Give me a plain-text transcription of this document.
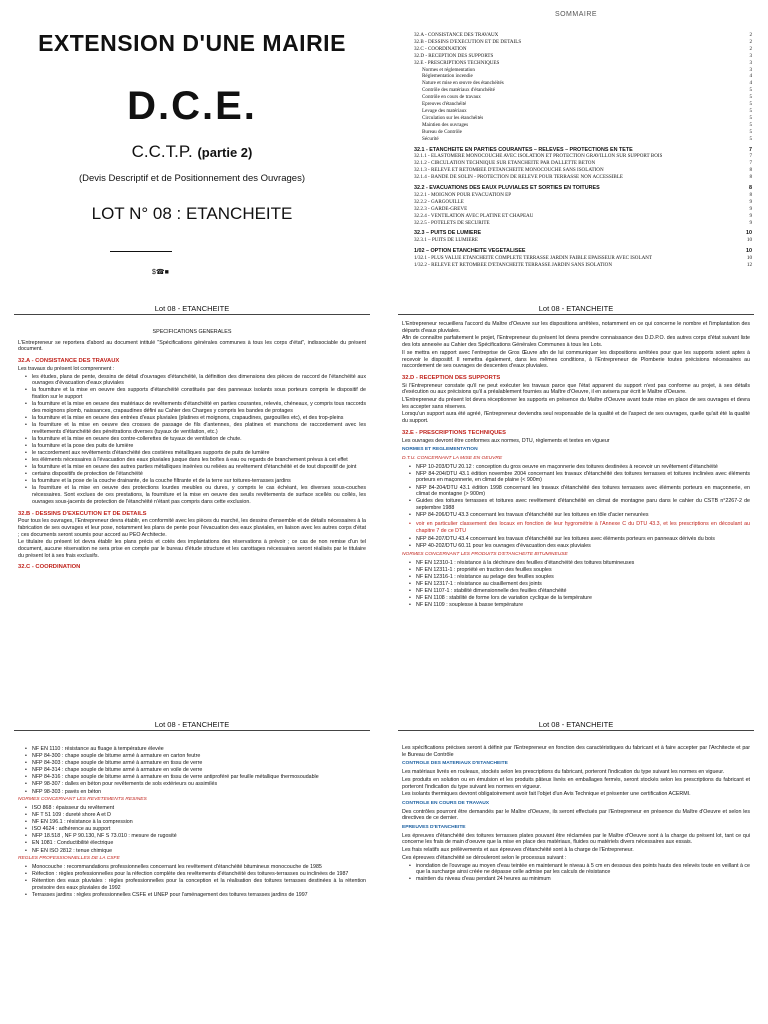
EXTENSION D'UNE MAIRIE
D.C.E.
C.C.T.P. (partie 2)
(Devis Descriptif et de Positionnement des Ouvrages)
LOT N° 08 : ETANCHEITE
$☎■
SOMMAIRE
32.A - CONSISTANCE DES TRAVAUX	2
32.B - DESSINS D'EXECUTION ET DE DETAILS	2
32.C - COORDINATION	2
32.D - RECEPTION DES SUPPORTS	3
32.E - PRESCRIPTIONS TECHNIQUES	3
Normes et réglementation	3
Réglementation incendie	4
Nature et mise en œuvre des étanchéités	4
Contrôle des matériaux d'étanchéité	5
Contrôle en cours de travaux	5
Epreuves d'étanchéité	5
Levage des matériaux	5
Circulation sur les étanchéités	5
Maintien des ouvrages	5
Bureau de Contrôle	5
Sécurité	5
32.1 - ETANCHEITE EN PARTIES COURANTES – RELEVES – PROTECTIONS EN TETE	7
32.1.1 - ELASTOMERE MONOCOUCHE AVEC ISOLATION ET PROTECTION GRAVILLON SUR SUPPORT BOIS	7
32.1.2 - CIRCULATION TECHNIQUE SUR ETANCHEITE PAR DALLETTE BETON	7
32.1.3 - RELEVE ET RETOMBEE D'ETANCHEITE MONOCOUCHE SANS ISOLATION	8
32.1.4 - BANDE DE SOLIN - PROTECTION DE RELEVE POUR TERRASSE NON ACCESSIBLE	8
32.2 - EVACUATIONS DES EAUX PLUVIALES ET SORTIES EN TOITURES	8
32.2.1 - MOIGNON POUR EVACUATION EP	8
32.2.2 - GARGOUILLE	9
32.2.3 - GARDE-GREVE	9
32.2.4 - VENTILATION AVEC PLATINE ET CHAPEAU	9
32.2.5 - POTELETS DE SECURITE	9
32.3 – PUITS DE LUMIERE	10
32.3.1 – PUITS DE LUMIERE	10
1/02 – OPTION ETANCHEITE VEGETALISEE	10
1/32.1 - PLUS VALUE ETANCHEITE COMPLETE TERRASSE JARDIN FAIBLE EPAISSEUR AVEC ISOLANT	10
1/32.2 - RELEVE ET RETOMBEE D'ETANCHEITE TERRASSE JARDIN SANS ISOLATION	12
Lot 08 - ETANCHEITE
SPECIFICATIONS GENERALES

L'Entrepreneur se reportera d'abord au document intitulé "Spécifications générales communes à tous les corps d'état", indissociable du présent document.

32.A - CONSISTANCE DES TRAVAUX

Les travaux du présent lot comprennent :

• les études, plans de pente, dessins de détail d'ouvrages d'étanchéité, la définition des dimensions des pièces de raccord de l'étanchéité aux ouvrages d'évacuation d'eaux pluviales
• la fourniture et la mise en oeuvre des supports d'étanchéité constitués par des panneaux isolants sous porteurs compris le dispositif de fixation sur le support
• la fourniture et la mise en oeuvre des matériaux de revêtements d'étanchéité en parties courantes, relevés, chéneaux, y compris tous raccords des moignons plomb, naissances, crapaudines défini au Cahier des Charges y compris les bandes de protages
• la fourniture et la mise en oeuvre des entrées d'eaux pluviales (platines et moignons, crapaudines, gargouilles etc), et des trop-pleins
• la fourniture et la mise en oeuvre des crosses de passage de fils d'antennes, des platines et manchons de raccordement avec les revêtements d'étanchéité des pénétrations diverses (tuyaux de ventilation, etc.)
• la fourniture et la mise en oeuvre des contre-collerettes de tuyaux de ventilation de chute.
• la fourniture et la pose des puits de lumière
• le raccordement aux revêtements d'étanchéité des costières métalliques supports de puits de lumière
• les éléments nécessaires à l'évacuation des eaux pluviales jusque dans les boîtes à eau ou regards de branchement prévus à cet effet
• la fourniture et la mise en oeuvre des autres parties métalliques insérées ou reliées au revêtement d'étanchéité et de tout dispositif de joint
• certains dispositifs de protection de l'étanchéité
• la fourniture et la pose de la couche drainante, de la couche filtrante et de la terre sur toitures-terrasses jardins
• la fourniture et la mise en oeuvre des protections lourdes meubles ou dures, y compris le cas échéant, les diverses sous-couches nécessaires. Sont exclues de ces prestations, la fourniture et la mise en oeuvre des seuils revêtements de surface scellés ou collés, les ouvrages sous-jacents de protection de l'étanchéité n'étant pas compris dans cette exclusion.
32.B - DESSINS D'EXECUTION ET DE DETAILS

Pour tous les ouvrages, l'Entrepreneur devra établir, en conformité avec les pièces du marché, les dessins d'ensemble et de détails nécessaires à la fabrication de ses ouvrages et leur pose, notamment les plans de pente pour l'évacuation des eaux pluviales, en liaison avec les autres corps d'état ; ces documents seront soumis pour accord au PEO Architecte.

Le titulaire du présent lot devra établir les plans précis et cotés des implantations des réservations à prévoir ; ce cas de non remise d'un tel document, aucune réservation ne sera prise en compte par le bureau d'étude structure et les carottages nécessaires seront réalisés par le titulaire du présent lot à ses frais exclusifs.

32.C - COORDINATION
Lot 08 - ETANCHEITE

L'Entrepreneur recueillera l'accord du Maître d'Oeuvre sur les dispositions arrêtées, notamment en ce qui concerne le nombre et l'implantation des départs d'eaux pluviales.

Afin de connaître parfaitement le projet, l'Entrepreneur du présent lot devra prendre connaissance des D.D.P.O. des autres corps d'état suivant liste des lots annexée au Cahier des Spécifications Générales Communes à tous les Lots.

Il se mettra en rapport avec l'entreprise de Gros Œuvre afin de lui communiquer les dispositions arrêtées pour que les supports soient aptes à recevoir le dispositif. Il remettra également, dans les mêmes conditions, à l'Entrepreneur de Plomberie toutes précisions nécessaires au raccordement de ses ouvrages de descentes d'eaux pluviales.

32.D - RECEPTION DES SUPPORTS

Si l'Entrepreneur constate qu'il ne peut exécuter les travaux parce que l'état apparent du support n'est pas conforme au projet, à ses détails d'exécution ou aux précisions qu'il a préalablement fournies au Maître d'Oeuvre, il en avisera par écrit le Maître d'Oeuvre.

L'Entrepreneur du présent lot devra réceptionner les supports en présence du Maître d'Oeuvre avant toute mise en place de ses ouvrages et devra les accepter sans réserves.

Lorsqu'un support aura été agréé, l'Entrepreneur deviendra seul responsable de la qualité et de l'aspect de ses ouvrages, quelle qu'ait été la qualité du support.

32.E - PRESCRIPTIONS TECHNIQUES

Les ouvrages devront être conformes aux normes, DTU, règlements et textes en vigueur

NORMES ET REGLEMENTATION
D.T.U. CONCERNANT LA MISE EN OEUVRE
• NFP 10-203/DTU 20.12 : conception du gros oeuvre en maçonnerie des toitures destinées à recevoir un revêtement d'étanchéité
• NFP 84-204/DTU 43.1 édition novembre 2004 concernant les travaux d'étanchéité des toitures terrasses et toitures inclinées avec éléments porteurs en maçonnerie, en climat de plaine (< 900m)
• NFP 84-204/DTU 43.1 édition 1998 concernant les travaux d'étanchéité des toitures terrasses avec éléments porteurs en maçonnerie, en climat de montagne (> 900m)
• Guides des toitures terrasses et toitures avec revêtement d'étanchéité en climat de montagne paru dans le cahier du CSTB n°2267-2 de septembre 1988
• NFP 84-206/DTU 43.3 concernant les travaux d'étanchéité sur les toitures en tôle d'acier nervurées
• voir en particulier classement des locaux en fonction de leur hygrométrie à l'Annexe C du DTU 43.3, et les prescriptions en découlant au chapitre 7 de ce DTU
• NFP 84-207/DTU 43.4 concernant les travaux d'étanchéité sur les toitures avec éléments porteurs en panneaux dérivés du bois
• NFP 40-202/DTU 60.11 pour les ouvrages d'évacuation des eaux pluviales
NORMES CONCERNANT LES PRODUITS D'ETANCHEITE BITUMINEUSE
• NF EN 12310-1 : résistance à la déchirure des feuilles d'étanchéité des toitures bitumineuses
• NF EN 12311-1 : propriété en traction des feuilles souples
• NF EN 12316-1 : résistance au pelage des feuilles souples
• NF EN 12317-1 : résistance au cisaillement des joints
• NF EN 1107-1 : stabilité dimensionnelle des feuilles d'étanchéité
• NF EN 1108 : stabilité de forme lors de variation cyclique de la température
• NF EN 1109 : souplesse à basse température
Lot 08 - ETANCHEITE
• NF EN 1110 : résistance au fluage à température élevée
• NFP 84-300 : chape souple de bitume armé à armature en carton feutre
• NFP 84-303 : chape souple de bitume armé à armature en tissu de verre
• NFP 84-314 : chape souple de bitume armé à armature en voile de verre
• NFP 84-316 : chape souple de bitume armé à armature en tissu de verre antiproféré par feuille métallique thermosoudable
• NFP 98-307 : dalles en béton pour revêtements de sols extérieurs ou assimilés
• NFP 98-303 : pavés en béton
NORMES CONCERNANT LES REVETEMENTS RESINES
• ISO 868 : épaisseur du revêtement
• NF T 51 109 : dureté shore A et D
• NF EN 196.1 : résistance à la compression
• ISO 4624 : adhérence au support
• NFP 18.518 , NF P 90.130, NF S 73.010 : mesure de rugosité
• EN 1081 : Conductibilité électrique
• NF EN ISO 2812 : tenue chimique
REGLES PROFESSIONNELLES DE LA CSFE
• Monocouche : recommandations professionnelles concernant les revêtement d'étanchéité bitumineux monocouche de 1985
• Réfection : règles professionnelles pour la réfection complète des revêtements d'étanchéité des toitures-terrasses ou inclinées de 1987
• Rétention des eaux pluviales : règles professionnelles pour la conception et la réalisation des toitures terrasses destinées à la rétention provisoire des eaux pluviales de 1992
• Terrasses jardins : règles professionnelles CSFE et UNEP pour l'aménagement des toitures terrasses jardins de 1997
Lot 08 - ETANCHEITE

Les spécifications précises seront à définir par l'Entrepreneur en fonction des caractéristiques du fabricant et à faire accepter par l'Architecte et par le Bureau de Contrôle

CONTROLE DES MATERIAUX D'ETANCHEITE

Les matériaux livrés en rouleaux, stockés selon les prescriptions du fabricant, porteront l'indication du type suivant les normes en vigueur.

Les produits en solution ou en émulsion et les produits pâteux livrés en emballages fermés, seront stockés selon les prescriptions du fabricant et porteront l'indication du type suivant les normes en vigueur.

Les isolants thermiques devront obligatoirement avoir fait l'objet d'un Avis Technique et présenter une certification ACERMI.

CONTROLE EN COURS DE TRAVAUX

Des contrôles pourront être demandés par le Maître d'Oeuvre, ils seront effectués par l'Entrepreneur en présence du Maître d'Oeuvre et selon les directives de ce dernier.

EPREUVES D'ETANCHEITE

Les épreuves d'étanchéité des toitures terrasses plates pouvant être réclamées par le Maître d'Oeuvre sont à la charge du présent lot, tant ce qui concerne les frais de main d'oeuvre que la mise en place des matériaux, fluides ou matériels divers nécessaires aux essais.

Les frais relatifs aux prélèvements et aux épreuves d'étanchéité sont à la charge de l'Entrepreneur.

Ces épreuves d'étanchéité se dérouleront selon le processus suivant :

• inondation de l'ouvrage au moyen d'eau teintée en maintenant le niveau à 5 cm en dessous des points hauts des relevés toute en veillant à ce que la surcharge ainsi créée ne dépasse celle admise par les calculs de résistance
• maintien du niveau d'eau pendant 24 heures au minimum
